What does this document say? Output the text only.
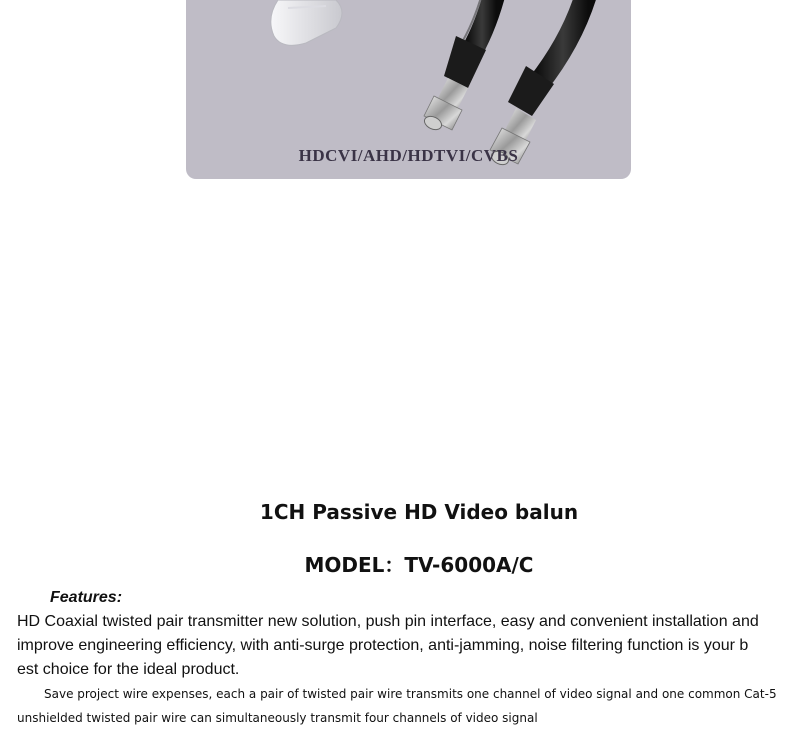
HDCVI/AHD/HDTVI/CVBS
1CH Passive HD Video balun
MODEL：TV-6000A/C
Features:
HD Coaxial twisted pair transmitter new solution, push pin interface, easy and convenient installation and
improve engineering efficiency, with anti-surge protection, anti-jamming, noise filtering function is your b
est choice for the ideal product.
Save project wire expenses, each a pair of twisted pair wire transmits one channel of video signal and one common Cat-5
unshielded twisted pair wire can simultaneously transmit four channels of video signal
